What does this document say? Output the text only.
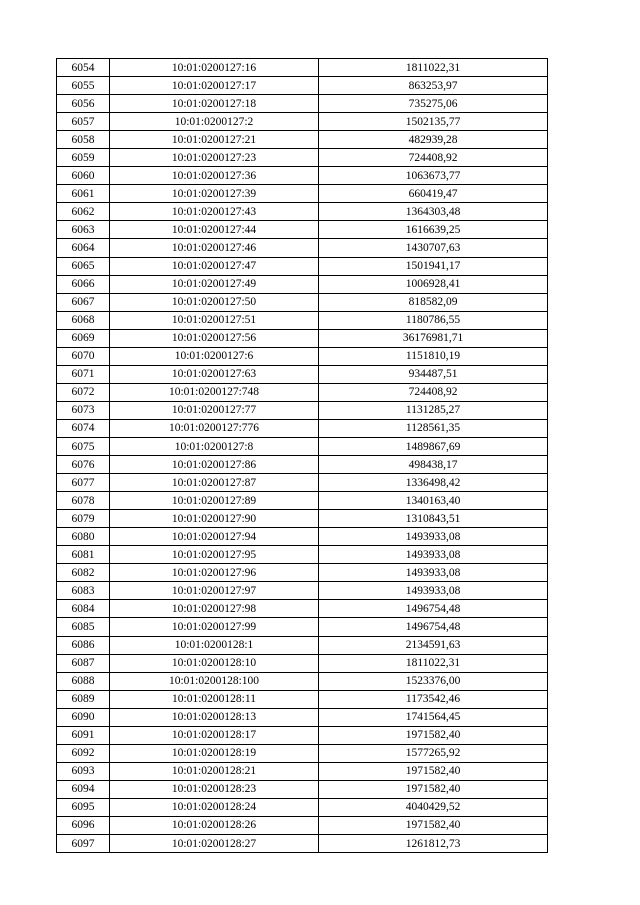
6054	10:01:0200127:16	1811022,31
6055	10:01:0200127:17	863253,97
6056	10:01:0200127:18	735275,06
6057	10:01:0200127:2	1502135,77
6058	10:01:0200127:21	482939,28
6059	10:01:0200127:23	724408,92
6060	10:01:0200127:36	1063673,77
6061	10:01:0200127:39	660419,47
6062	10:01:0200127:43	1364303,48
6063	10:01:0200127:44	1616639,25
6064	10:01:0200127:46	1430707,63
6065	10:01:0200127:47	1501941,17
6066	10:01:0200127:49	1006928,41
6067	10:01:0200127:50	818582,09
6068	10:01:0200127:51	1180786,55
6069	10:01:0200127:56	36176981,71
6070	10:01:0200127:6	1151810,19
6071	10:01:0200127:63	934487,51
6072	10:01:0200127:748	724408,92
6073	10:01:0200127:77	1131285,27
6074	10:01:0200127:776	1128561,35
6075	10:01:0200127:8	1489867,69
6076	10:01:0200127:86	498438,17
6077	10:01:0200127:87	1336498,42
6078	10:01:0200127:89	1340163,40
6079	10:01:0200127:90	1310843,51
6080	10:01:0200127:94	1493933,08
6081	10:01:0200127:95	1493933,08
6082	10:01:0200127:96	1493933,08
6083	10:01:0200127:97	1493933,08
6084	10:01:0200127:98	1496754,48
6085	10:01:0200127:99	1496754,48
6086	10:01:0200128:1	2134591,63
6087	10:01:0200128:10	1811022,31
6088	10:01:0200128:100	1523376,00
6089	10:01:0200128:11	1173542,46
6090	10:01:0200128:13	1741564,45
6091	10:01:0200128:17	1971582,40
6092	10:01:0200128:19	1577265,92
6093	10:01:0200128:21	1971582,40
6094	10:01:0200128:23	1971582,40
6095	10:01:0200128:24	4040429,52
6096	10:01:0200128:26	1971582,40
6097	10:01:0200128:27	1261812,73
